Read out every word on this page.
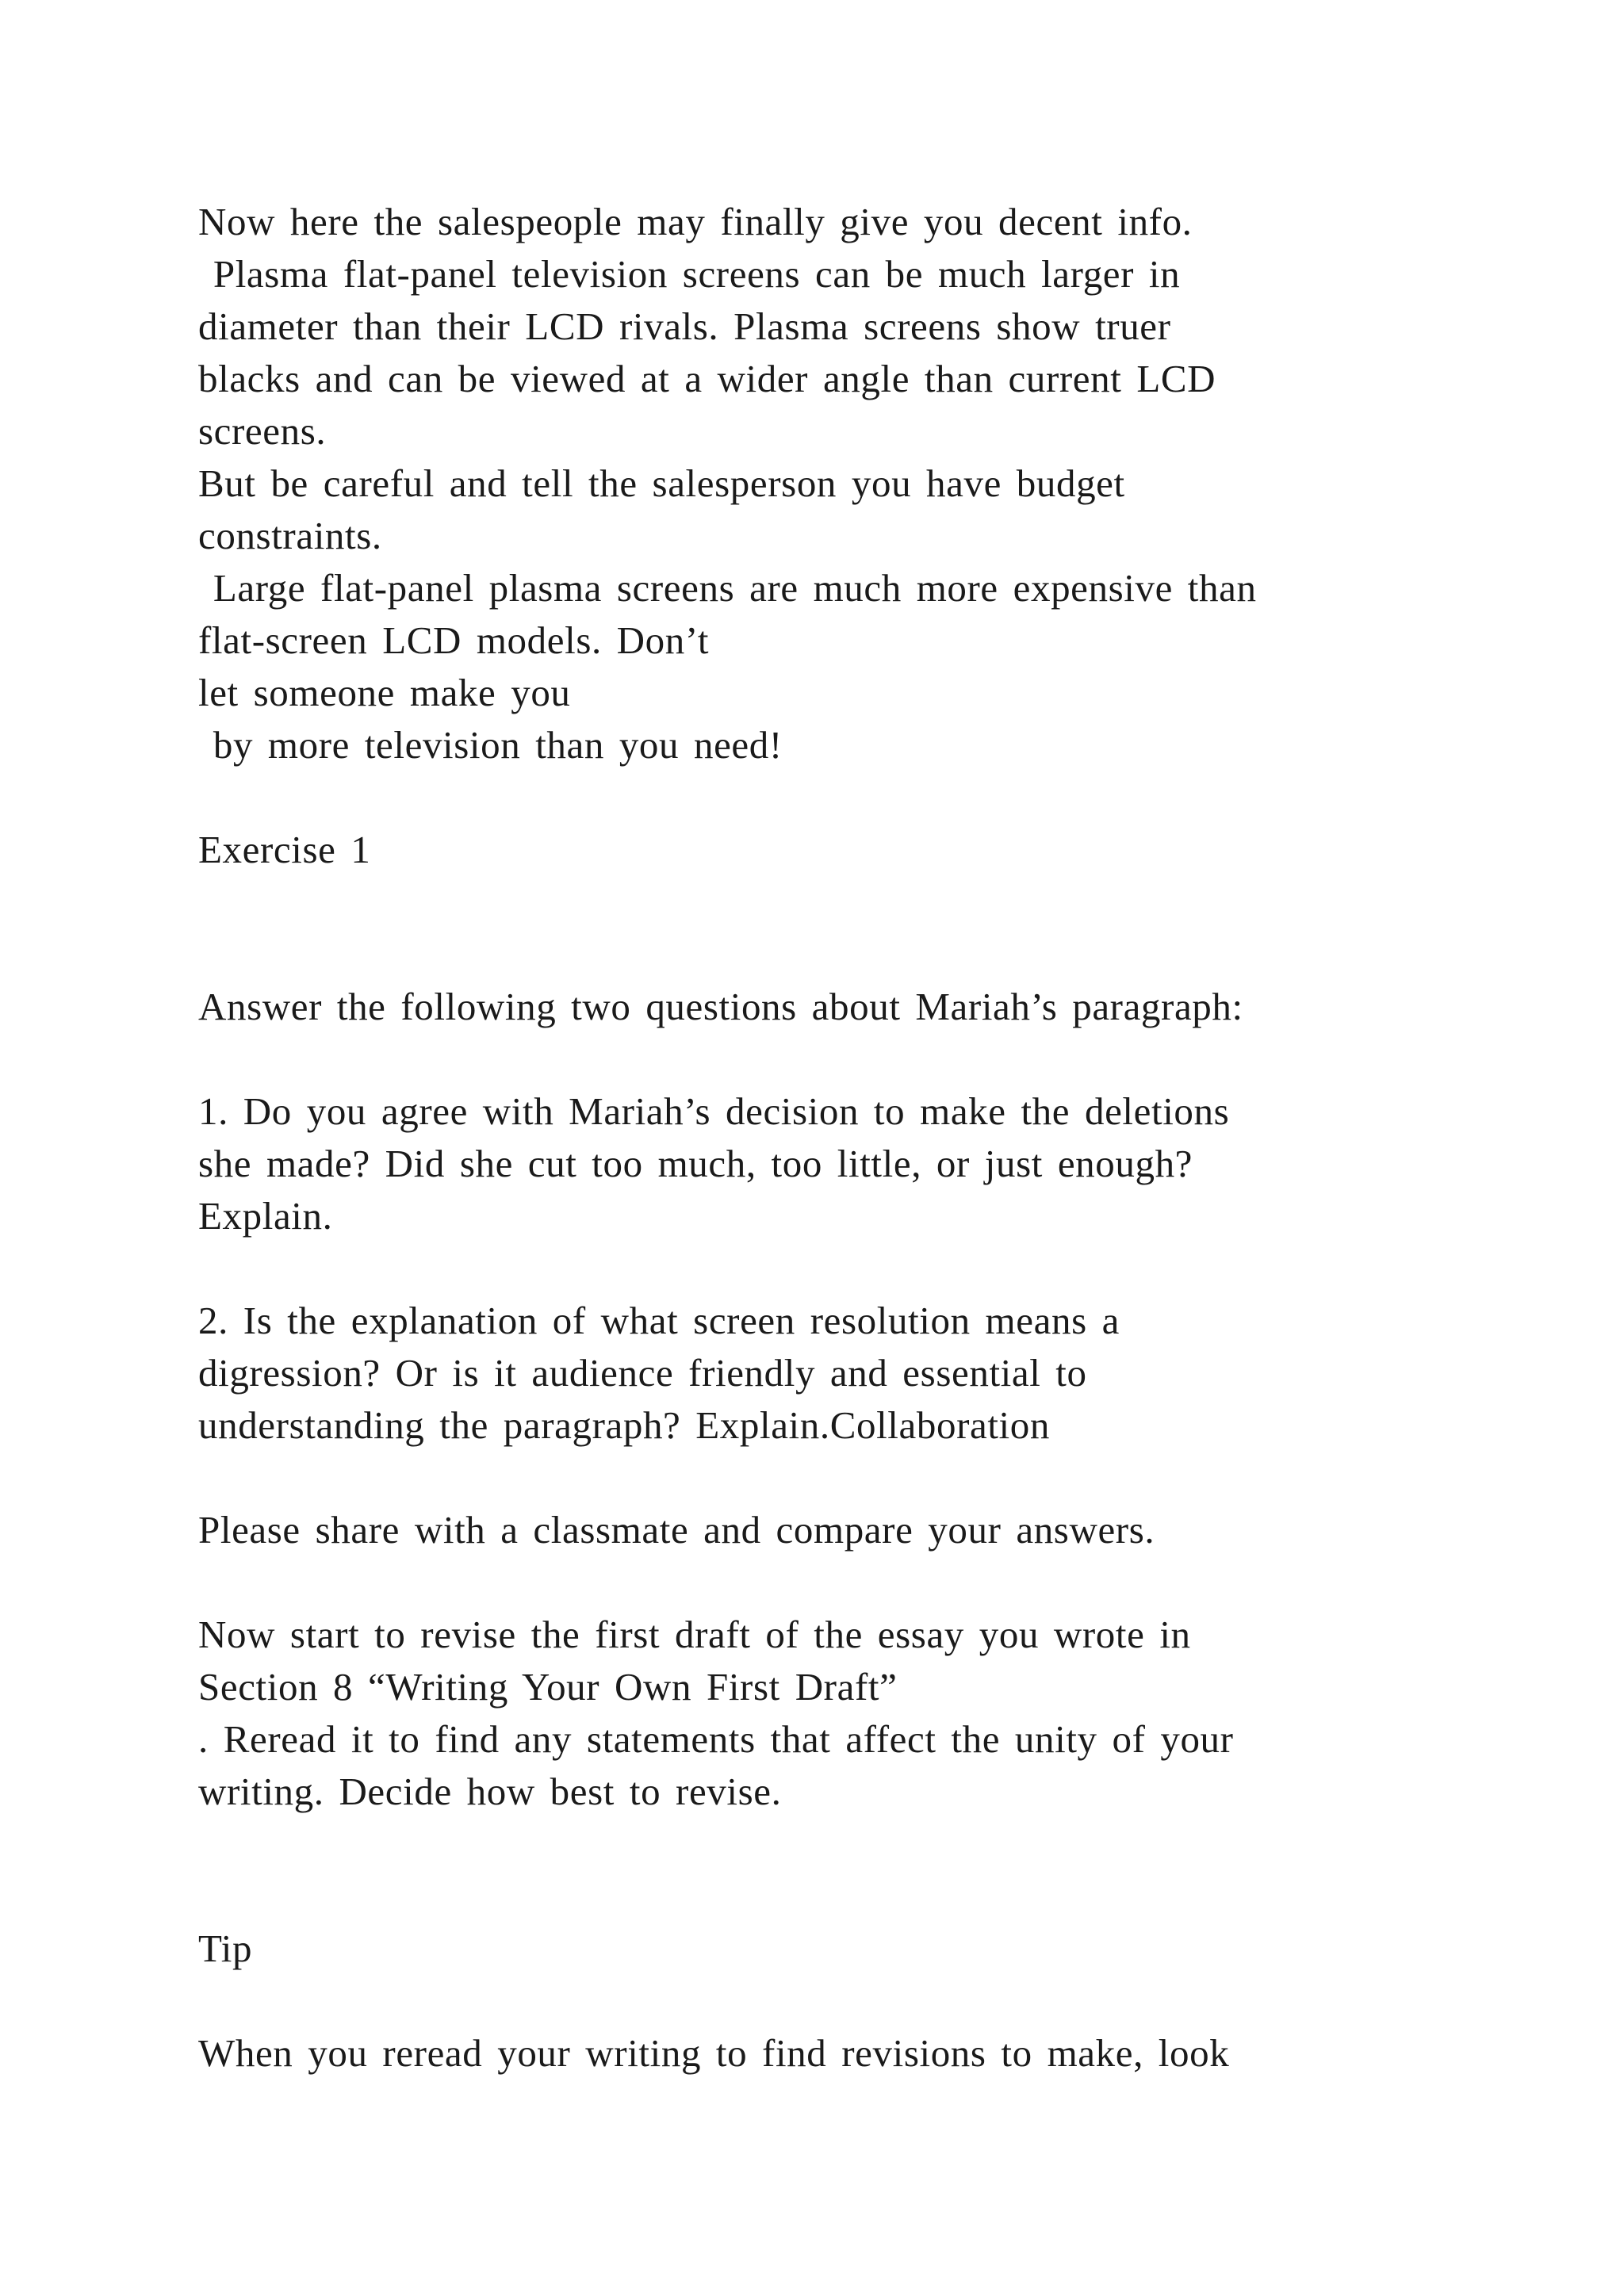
Now here the salespeople may finally give you decent info.

Plasma flat-panel television screens can be much larger in

diameter than their LCD rivals. Plasma screens show truer

blacks and can be viewed at a wider angle than current LCD

screens.

But be careful and tell the salesperson you have budget

constraints.

Large flat-panel plasma screens are much more expensive than

flat-screen LCD models. Don’t

let someone make you

by more television than you need!

Exercise 1

Answer the following two questions about Mariah’s paragraph:

1. Do you agree with Mariah’s decision to make the deletions

she made? Did she cut too much, too little, or just enough?

Explain.

2. Is the explanation of what screen resolution means a

digression? Or is it audience friendly and essential to

understanding the paragraph? Explain.Collaboration

Please share with a classmate and compare your answers.

Now start to revise the first draft of the essay you wrote in

Section 8 “Writing Your Own First Draft”

. Reread it to find any statements that affect the unity of your

writing. Decide how best to revise.

Tip

When you reread your writing to find revisions to make, look
